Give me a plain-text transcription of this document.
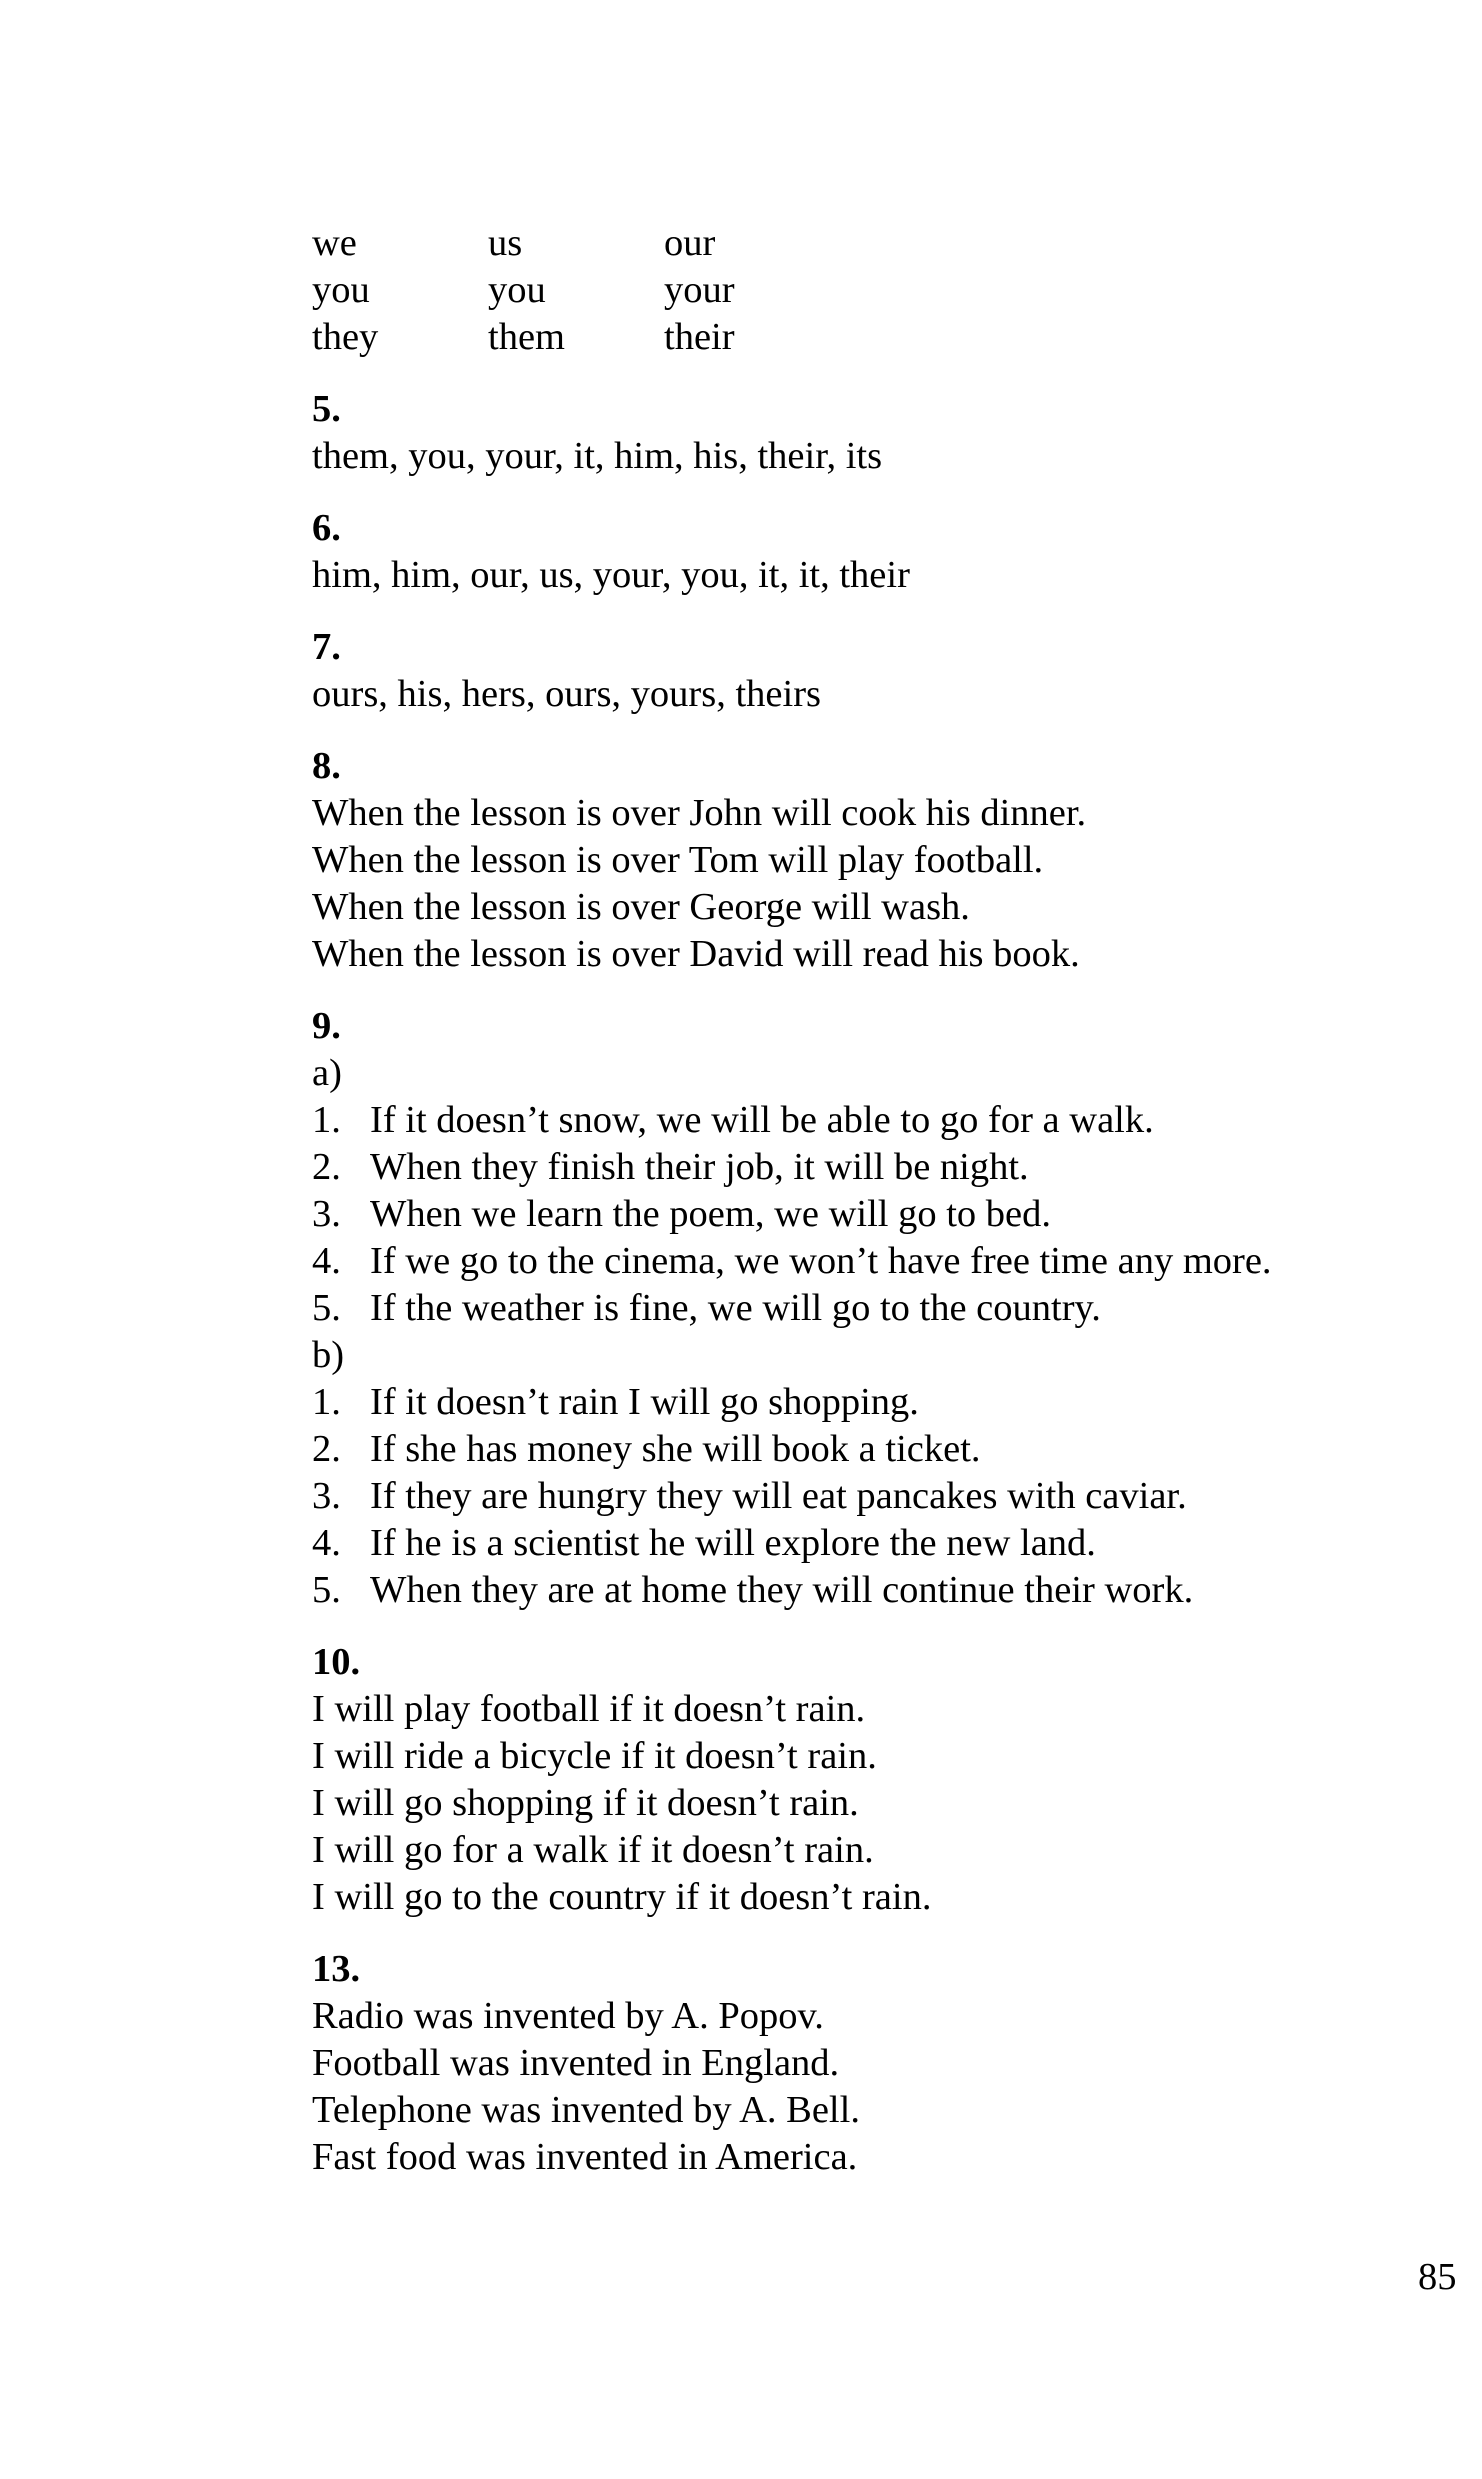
we	us	our
you	you	your
they	them	their
5.
them, you, your, it, him, his, their, its
6.
him, him, our, us, your, you, it, it, their
7.
ours, his, hers, ours, yours, theirs
8.
When the lesson is over John will cook his dinner.
When the lesson is over Tom will play football.
When the lesson is over George will wash.
When the lesson is over David will read his book.
9.
a)
1. If it doesn’t snow, we will be able to go for a walk.
2. When they finish their job, it will be night.
3. When we learn the poem, we will go to bed.
4. If we go to the cinema, we won’t have free time any more.
5. If the weather is fine, we will go to the country.
b)
1. If it doesn’t rain I will go shopping.
2. If she has money she will book a ticket.
3. If they are hungry they will eat pancakes with caviar.
4. If he is a scientist he will explore the new land.
5. When they are at home they will continue their work.
10.
I will play football if it doesn’t rain.
I will ride a bicycle if it doesn’t rain.
I will go shopping if it doesn’t rain.
I will go for a walk if it doesn’t rain.
I will go to the country if it doesn’t rain.
13.
Radio was invented by A. Popov.
Football was invented in England.
Telephone was invented by A. Bell.
Fast food was invented in America.
85
